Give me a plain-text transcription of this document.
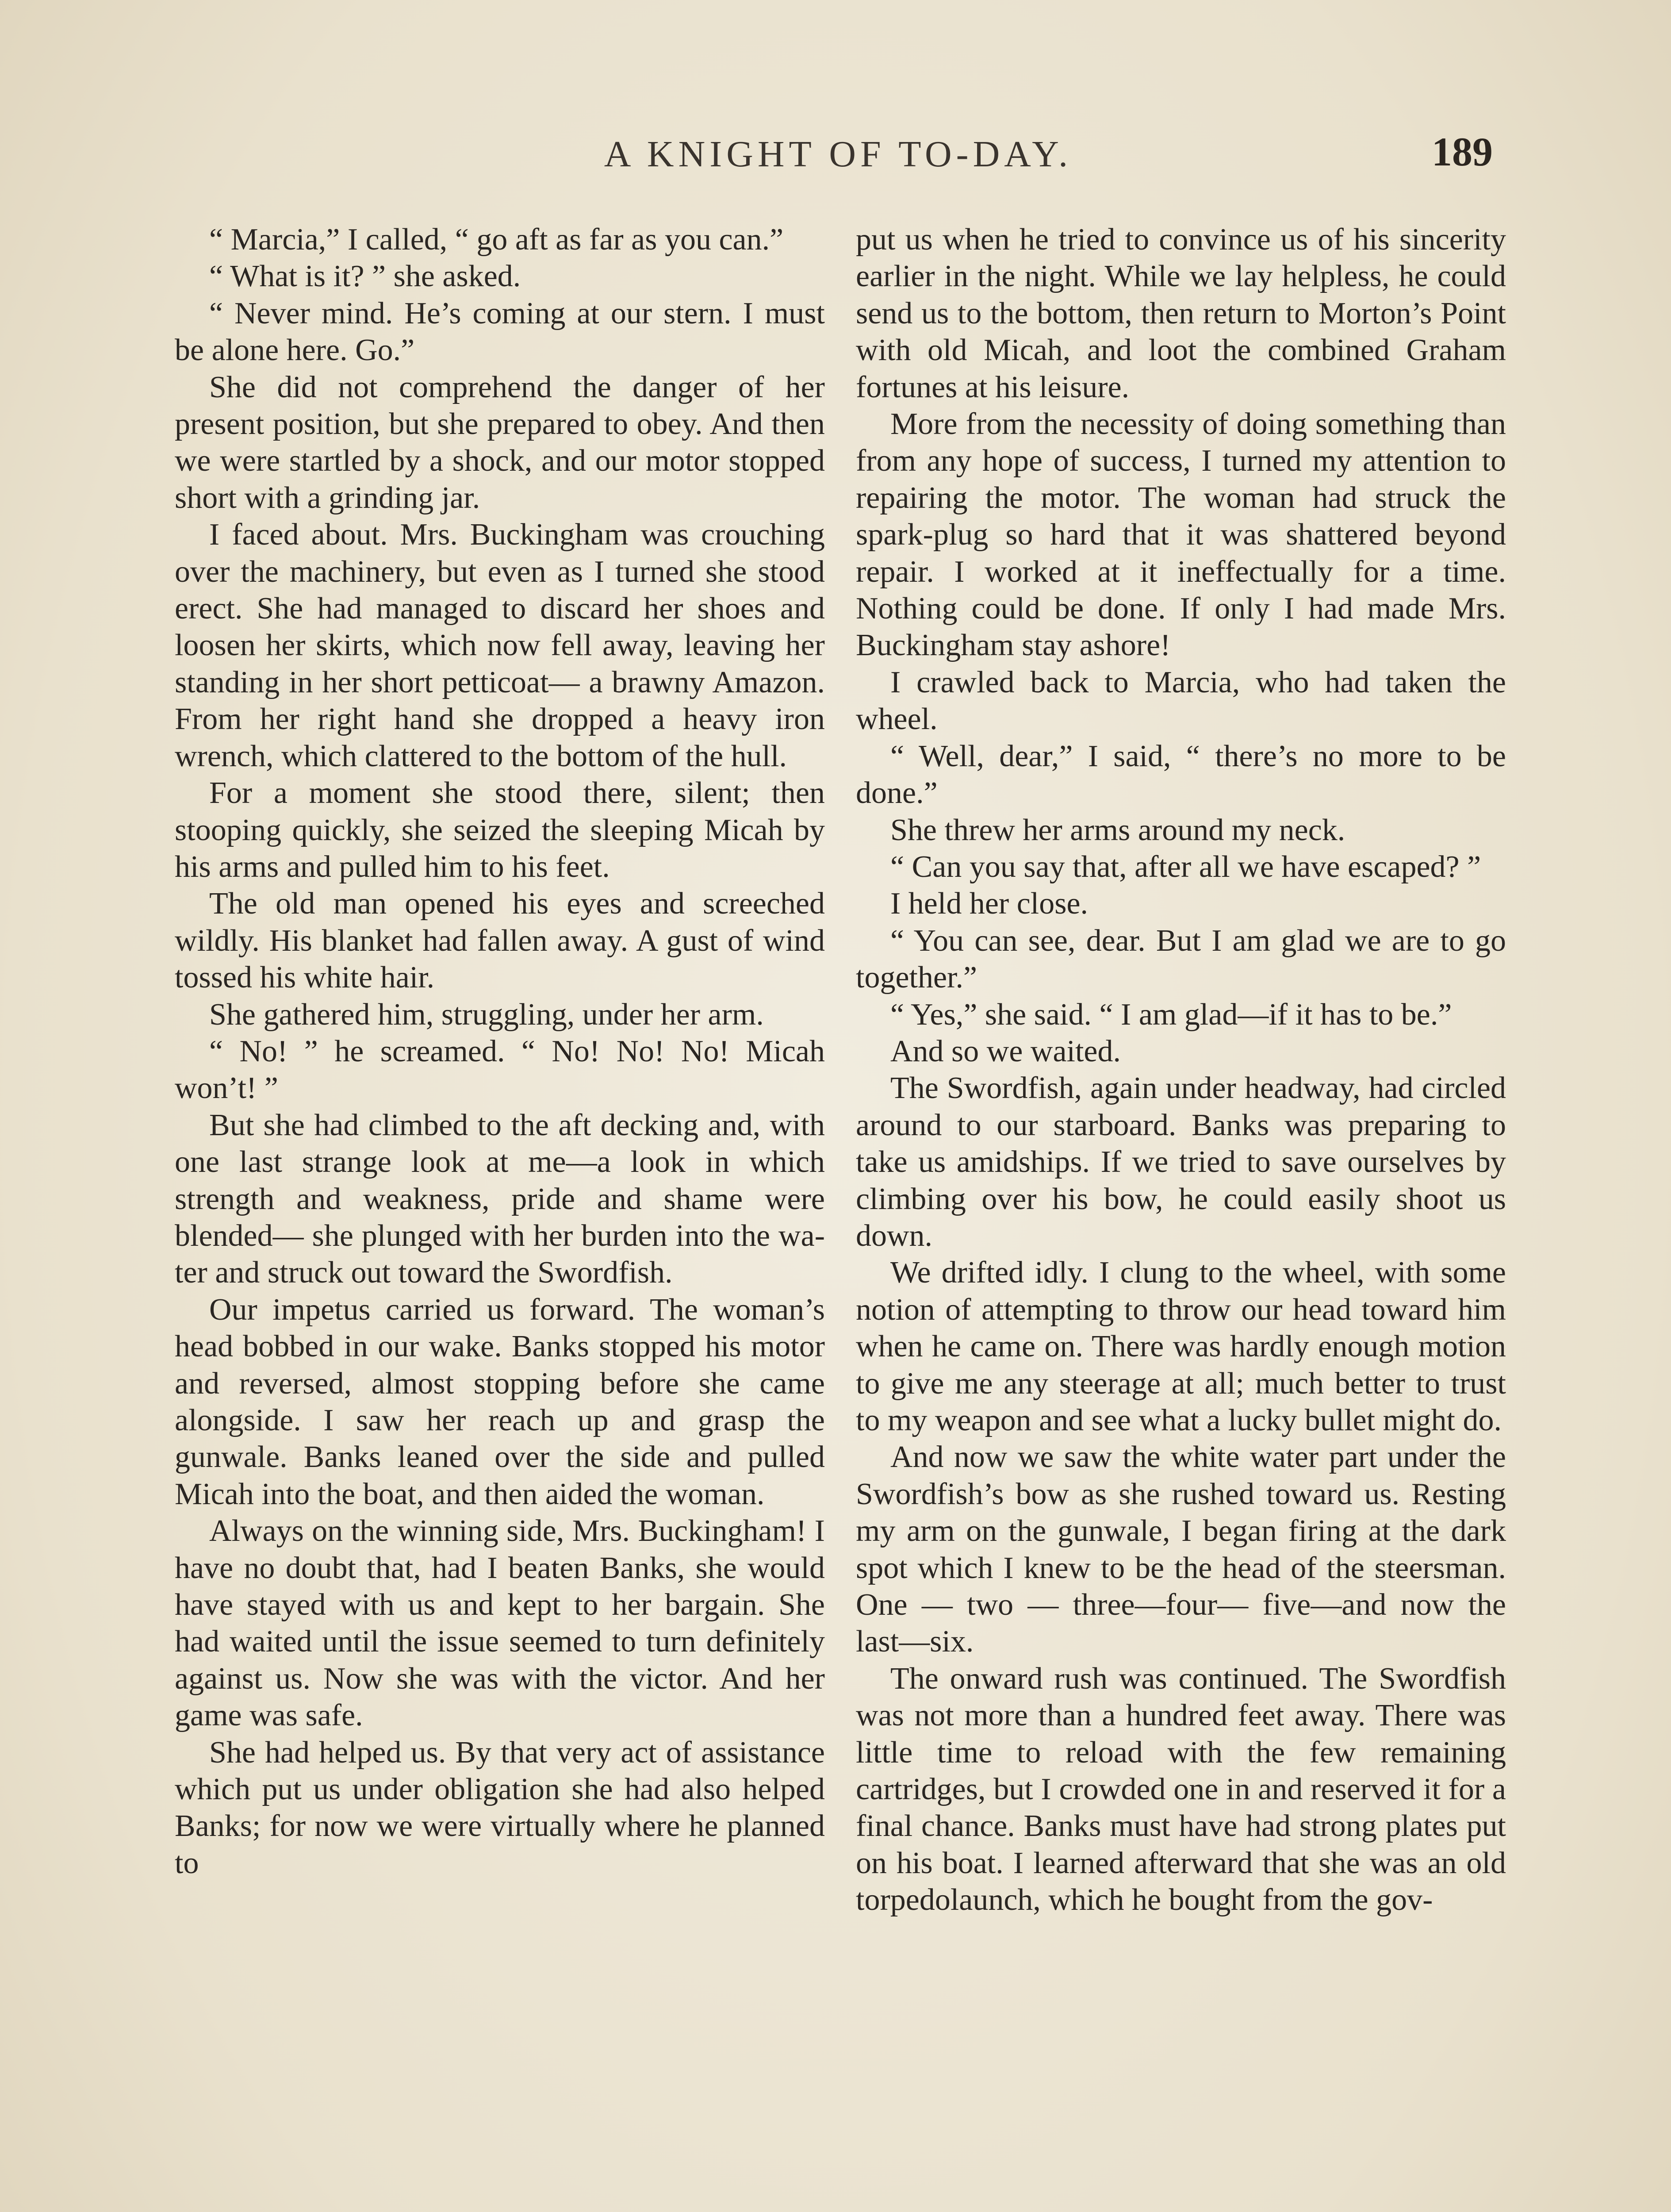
A KNIGHT OF TO-DAY.	189

“ Marcia,” I called, “ go aft as far as you can.”

“ What is it? ” she asked.

“ Never mind. He’s coming at our stern. I must be alone here. Go.”

She did not comprehend the danger of her present position, but she prepared to obey. And then we were startled by a shock, and our motor stopped short with a grinding jar.

I faced about. Mrs. Buckingham was crouching over the machinery, but even as I turned she stood erect. She had managed to discard her shoes and loosen her skirts, which now fell away, leaving her standing in her short petticoat— a brawny Amazon. From her right hand she dropped a heavy iron wrench, which clattered to the bottom of the hull.

For a moment she stood there, silent; then stooping quickly, she seized the sleeping Micah by his arms and pulled him to his feet.

The old man opened his eyes and screeched wildly. His blanket had fallen away. A gust of wind tossed his white hair.

She gathered him, struggling, under her arm.

“ No! ” he screamed. “ No! No! No! Micah won’t! ”

But she had climbed to the aft decking and, with one last strange look at me—a look in which strength and weakness, pride and shame were blended— she plunged with her burden into the water and struck out toward the Swordfish.

Our impetus carried us forward. The woman’s head bobbed in our wake. Banks stopped his motor and reversed, almost stopping before she came alongside. I saw her reach up and grasp the gunwale. Banks leaned over the side and pulled Micah into the boat, and then aided the woman.

Always on the winning side, Mrs. Buckingham! I have no doubt that, had I beaten Banks, she would have stayed with us and kept to her bargain. She had waited until the issue seemed to turn definitely against us. Now she was with the victor. And her game was safe.

She had helped us. By that very act of assistance which put us under obligation she had also helped Banks; for now we were virtually where he planned to

put us when he tried to convince us of his sincerity earlier in the night. While we lay helpless, he could send us to the bottom, then return to Morton’s Point with old Micah, and loot the combined Graham fortunes at his leisure.

More from the necessity of doing something than from any hope of success, I turned my attention to repairing the motor. The woman had struck the spark-plug so hard that it was shattered beyond repair. I worked at it ineffectually for a time. Nothing could be done. If only I had made Mrs. Buckingham stay ashore!

I crawled back to Marcia, who had taken the wheel.

“ Well, dear,” I said, “ there’s no more to be done.”

She threw her arms around my neck.

“ Can you say that, after all we have escaped? ”

I held her close.

“ You can see, dear. But I am glad we are to go together.”

“ Yes,” she said. “ I am glad—if it has to be.”

And so we waited.

The Swordfish, again under headway, had circled around to our starboard. Banks was preparing to take us amidships. If we tried to save ourselves by climbing over his bow, he could easily shoot us down.

We drifted idly. I clung to the wheel, with some notion of attempting to throw our head toward him when he came on. There was hardly enough motion to give me any steerage at all; much better to trust to my weapon and see what a lucky bullet might do.

And now we saw the white water part under the Swordfish’s bow as she rushed toward us. Resting my arm on the gunwale, I began firing at the dark spot which I knew to be the head of the steersman. One — two — three—four— five—and now the last—six.

The onward rush was continued. The Swordfish was not more than a hundred feet away. There was little time to reload with the few remaining cartridges, but I crowded one in and reserved it for a final chance. Banks must have had strong plates put on his boat. I learned afterward that she was an old torpedolaunch, which he bought from the gov-
